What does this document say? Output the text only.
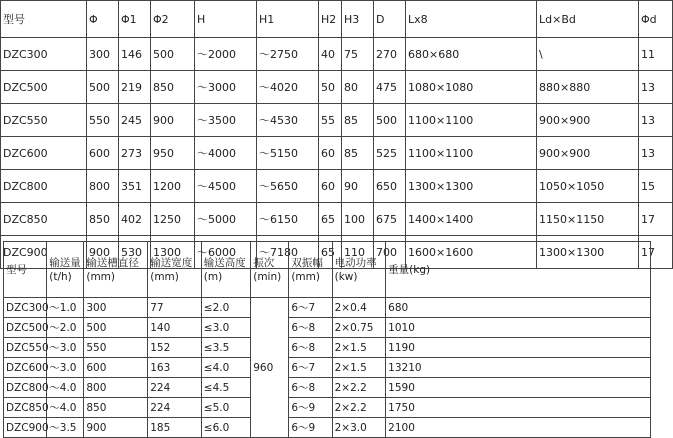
型号	Φ	Φ1	Φ2	H	H1	H2	H3	D	Lx8	Ld×Bd	Φd
DZC300	300	146	500	～2000	～2750	40	75	270	680×680	\	11
DZC500	500	219	850	～3000	～4020	50	80	475	1080×1080	880×880	13
DZC550	550	245	900	～3500	～4530	55	85	500	1100×1100	900×900	13
DZC600	600	273	950	～4000	～5150	60	85	525	1100×1100	900×900	13
DZC800	800	351	1200	～4500	～5650	60	90	650	1300×1300	1050×1050	15
DZC850	850	402	1250	～5000	～6150	65	100	675	1400×1400	1150×1150	17
DZC900	900	530	1300	～6000	～7180	65	110	700	1600×1600	1300×1300	17
型号	输送量(t/h)	输送槽直径(mm)	输送宽度(mm)	输送高度(m)	振次(min)	双振幅(mm)	电动功率(kw)	重量(kg)
DZC300	～1.0	300	77	≤2.0	960	6～7	2×0.4	680
DZC500	～2.0	500	140	≤3.0		6～8	2×0.75	1010
DZC550	～3.0	550	152	≤3.5		6～8	2×1.5	1190
DZC600	～3.0	600	163	≤4.0		6～7	2×1.5	13210
DZC800	～4.0	800	224	≤4.5		6～8	2×2.2	1590
DZC850	～4.0	850	224	≤5.0		6～9	2×2.2	1750
DZC900	～3.5	900	185	≤6.0		6～9	2×3.0	2100
